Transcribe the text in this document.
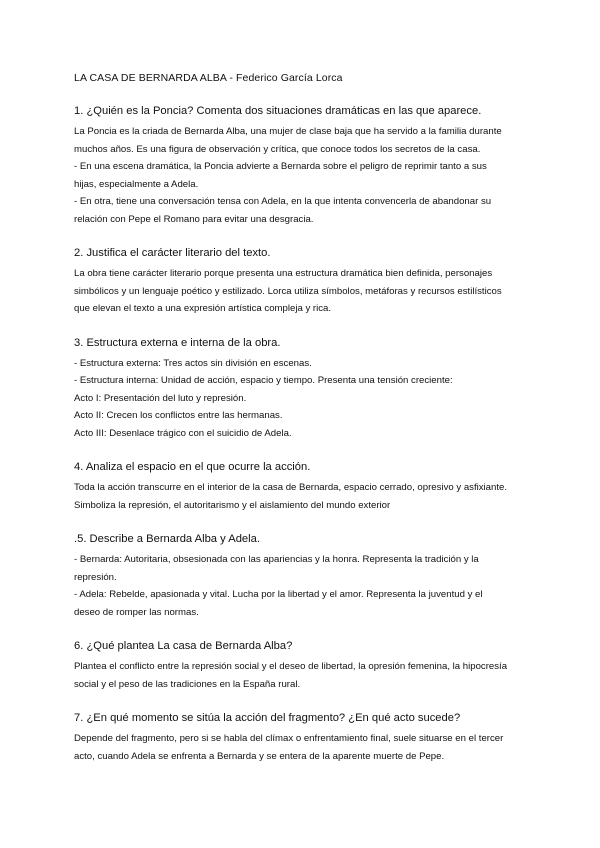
LA CASA DE BERNARDA ALBA - Federico García Lorca

1. ¿Quién es la Poncia? Comenta dos situaciones dramáticas en las que aparece.

La Poncia es la criada de Bernarda Alba, una mujer de clase baja que ha servido a la familia durante

muchos años. Es una figura de observación y crítica, que conoce todos los secretos de la casa.

- En una escena dramática, la Poncia advierte a Bernarda sobre el peligro de reprimir tanto a sus

hijas, especialmente a Adela.

- En otra, tiene una conversación tensa con Adela, en la que intenta convencerla de abandonar su

relación con Pepe el Romano para evitar una desgracia.

2. Justifica el carácter literario del texto.

La obra tiene carácter literario porque presenta una estructura dramática bien definida, personajes

simbólicos y un lenguaje poético y estilizado. Lorca utiliza símbolos, metáforas y recursos estilísticos

que elevan el texto a una expresión artística compleja y rica.

3. Estructura externa e interna de la obra.

- Estructura externa: Tres actos sin división en escenas.

- Estructura interna: Unidad de acción, espacio y tiempo. Presenta una tensión creciente:

Acto I: Presentación del luto y represión.

Acto II: Crecen los conflictos entre las hermanas.

Acto III: Desenlace trágico con el suicidio de Adela.

4. Analiza el espacio en el que ocurre la acción.

Toda la acción transcurre en el interior de la casa de Bernarda, espacio cerrado, opresivo y asfixiante.

Simboliza la represión, el autoritarismo y el aislamiento del mundo exterior

.5. Describe a Bernarda Alba y Adela.

- Bernarda: Autoritaria, obsesionada con las apariencias y la honra. Representa la tradición y la

represión.

- Adela: Rebelde, apasionada y vital. Lucha por la libertad y el amor. Representa la juventud y el

deseo de romper las normas.

6. ¿Qué plantea La casa de Bernarda Alba?

Plantea el conflicto entre la represión social y el deseo de libertad, la opresión femenina, la hipocresía

social y el peso de las tradiciones en la España rural.

7. ¿En qué momento se sitúa la acción del fragmento? ¿En qué acto sucede?

Depende del fragmento, pero si se habla del clímax o enfrentamiento final, suele situarse en el tercer

acto, cuando Adela se enfrenta a Bernarda y se entera de la aparente muerte de Pepe.
